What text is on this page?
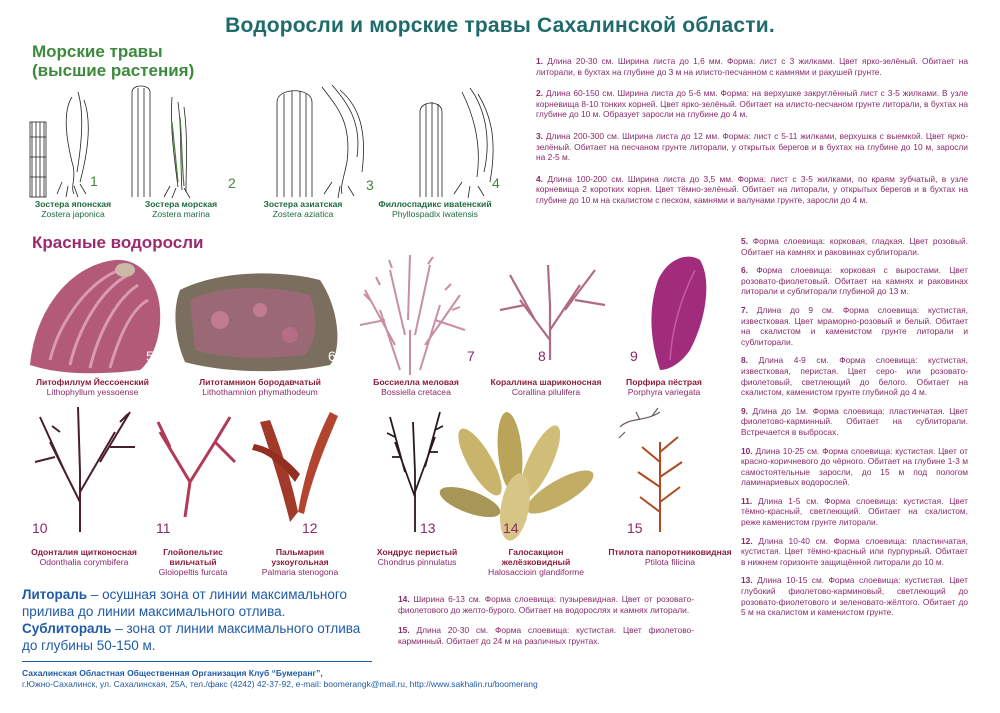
Водоросли и морские травы Сахалинской области.
Морские травы
(высшие растения)
1	2	3	4
Зостера японская
Zostera japonica
Зостера морская
Zostera marina
Зостера азиатская
Zostera aziatica
Филлоспадикс ивatенский
Phyllospadix iwatensis

1. Длина 20-30 см. Ширина листа до 1,6 мм. Форма: лист с 3 жилками. Цвет ярко-зелёный. Обитает на литорали, в бухтах на глубине до 3 м на илисто-песчанном с камнями и ракушей грунте.

2. Длина 60-150 см. Ширина листа до 5-6 мм. Форма: на верхушке закруглённый лист с 3-5 жилками. В узле корневища 8-10 тонких корней. Цвет ярко-зелёный. Обитает на илисто-песчаном грунте литорали, в бухтах на глубине до 10 м. Образует заросли на глубине до 4 м.

3. Длина 200-300 см. Ширина листа до 12 мм. Форма: лист с 5-11 жилками, верхушка с выемкой. Цвет ярко-зелёный. Обитает на песчаном грунте литорали, у открытых берегов и в бухтах на глубине до 10 м, заросли на 2-5 м.

4. Длина 100-200 см. Ширина листа до 3,5 мм. Форма: лист с 3-5 жилками, по краям зубчатый, в узле корневища 2 коротких корня. Цвет тёмно-зелёный. Обитает на литорали, у открытых берегов и в бухтах на глубине до 10 м на скалистом с песком, камнями и валунами грунте, заросли до 4 м.

Красные водоросли
5	6	7	8	9
Литофиллум Йессоенский
Lithophyllum yessoense
Литотамнион бородавчатый
Lithothamnion phymathodeum
Боссиелла меловая
Bossiella cretacea
Кораллина шариконосная
Corallina pilulifera
Порфира пёстрая
Porphyra variegata
10	11	12	13	14	15
Одонталия щитконосная
Odonthalia corymbifera
Глойопельтис вильчатый
Gloiopeltis furcata
Пальмария узкоугольная
Palmaria stenogona
Хондрус перистый
Chondrus pinnulatus
Галосакцион желёзковидный
Halosaccioin glandiforme
Птилота папоротниковидная
Ptilota filicina

5. Форма слоевища: корковая, гладкая. Цвет розовый. Обитает на камнях и раковинах сублиторали.

6. Форма слоевища: корковая с выростами. Цвет розовато-фиолетовый. Обитает на камнях и раковинах литорали и сублиторали глубиной до 13 м.

7. Длина до 9 см. Форма слоевища: кустистая, известковая. Цвет мраморно-розовый и белый. Обитает на скалистом и каменистом грунте литорали и сублиторали.

8. Длина 4-9 см. Форма слоевища: кустистая, известковая, перистая. Цвет серо- или розовато-фиолетовый, светлеющий до белого. Обитает на скалистом, каменистом грунте глубиной до 4 м.

9. Длина до 1м. Форма слоевища: пластинчатая. Цвет фиолетово-карминный. Обитает на сублиторали. Встречается в выбросах.

10. Длина 10-25 см. Форма слоевища: кустистая. Цвет от красно-коричневого до чёрного. Обитает на глубине 1-3 м самостоятельные заросли, до 15 м под пологом ламинариевых водорослей.

11. Длина 1-5 см. Форма слоевища: кустистая. Цвет тёмно-красный, светлеющий. Обитает на скалистом, реже каменистом грунте литорали.

12. Длина 10-40 см. Форма слоевища: пластинчатая, кустистая. Цвет тёмно-красный или пурпурный. Обитает в нижнем горизонте защищённой литорали до 10 м.

13. Длина 10-15 см. Форма слоевища: кустистая. Цвет глубокий фиолетово-карминовый, светлеющий до розовато-фиолетового и зеленовато-жёлтого. Обитает до 5 м на скалистом и каменистом грунте.

14. Ширина 6-13 см. Форма слоевища: пузыревидная. Цвет от розовато-фиолетового до желто-бурого. Обитает на водорослях и камнях литорали.

15. Длина 20-30 см. Форма слоевища: кустистая. Цвет фиолетово-карминный. Обитает до 24 м на различных грунтах.

Литораль – осушная зона от линии максимального прилива до линии максимального отлива.
Сублитораль – зона от линии максимального отлива до глубины 50-150 м.
Сахалинская Областная Общественная Организация Клуб “Бумеранг”,
г.Южно-Сахалинск, ул. Сахалинская, 25А, тел./факс (4242) 42-37-92, e-mail: boomerangk@mail.ru, http://www.sakhalin.ru/boomerang
